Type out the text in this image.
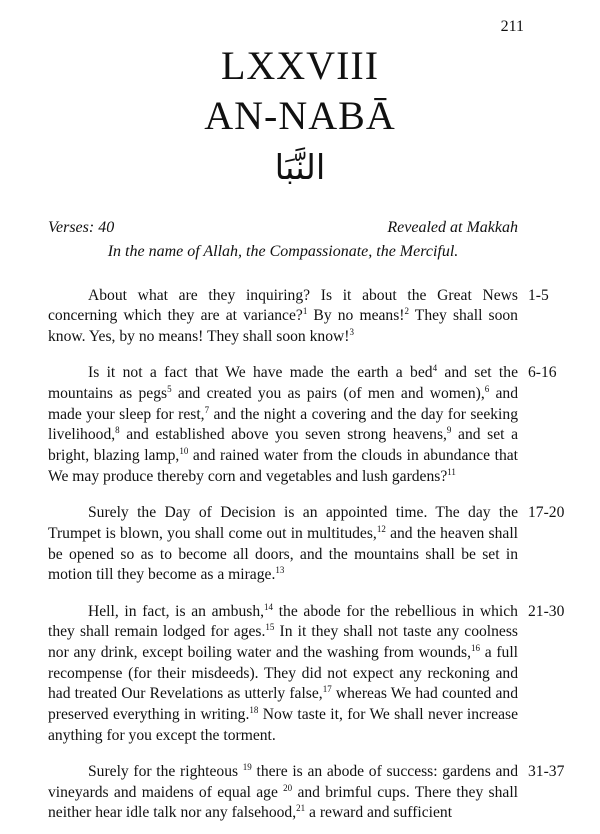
211
LXXVIII
AN-NABĀ
النَّبَا
Verses: 40	Revealed at Makkah
In the name of Allah, the Compassionate, the Merciful.

1-5
About what are they inquiring? Is it about the Great News concerning which they are at variance?$^1$ By no means!$^2$ They shall soon know. Yes, by no means! They shall soon know!$^3$

6-16
Is it not a fact that We have made the earth a bed$^4$ and set the mountains as pegs$^5$ and created you as pairs (of men and women),$^6$ and made your sleep for rest,$^7$ and the night a covering and the day for seeking livelihood,$^8$ and established above you seven strong heavens,$^9$ and set a bright, blazing lamp,$^{10}$ and rained water from the clouds in abundance that We may produce thereby corn and vegetables and lush gardens?$^{11}$

17-20
Surely the Day of Decision is an appointed time. The day the Trumpet is blown, you shall come out in multitudes,$^{12}$ and the heaven shall be opened so as to become all doors, and the mountains shall be set in motion till they become as a mirage.$^{13}$

21-30
Hell, in fact, is an ambush,$^{14}$ the abode for the rebellious in which they shall remain lodged for ages.$^{15}$ In it they shall not taste any coolness nor any drink, except boiling water and the washing from wounds,$^{16}$ a full recompense (for their misdeeds). They did not expect any reckoning and had treated Our Revelations as utterly false,$^{17}$ whereas We had counted and preserved everything in writing.$^{18}$ Now taste it, for We shall never increase anything for you except the torment.

31-37
Surely for the righteous $^{19}$ there is an abode of success: gardens and vineyards and maidens of equal age $^{20}$ and brimful cups. There they shall neither hear idle talk nor any falsehood,$^{21}$ a reward and sufficient
